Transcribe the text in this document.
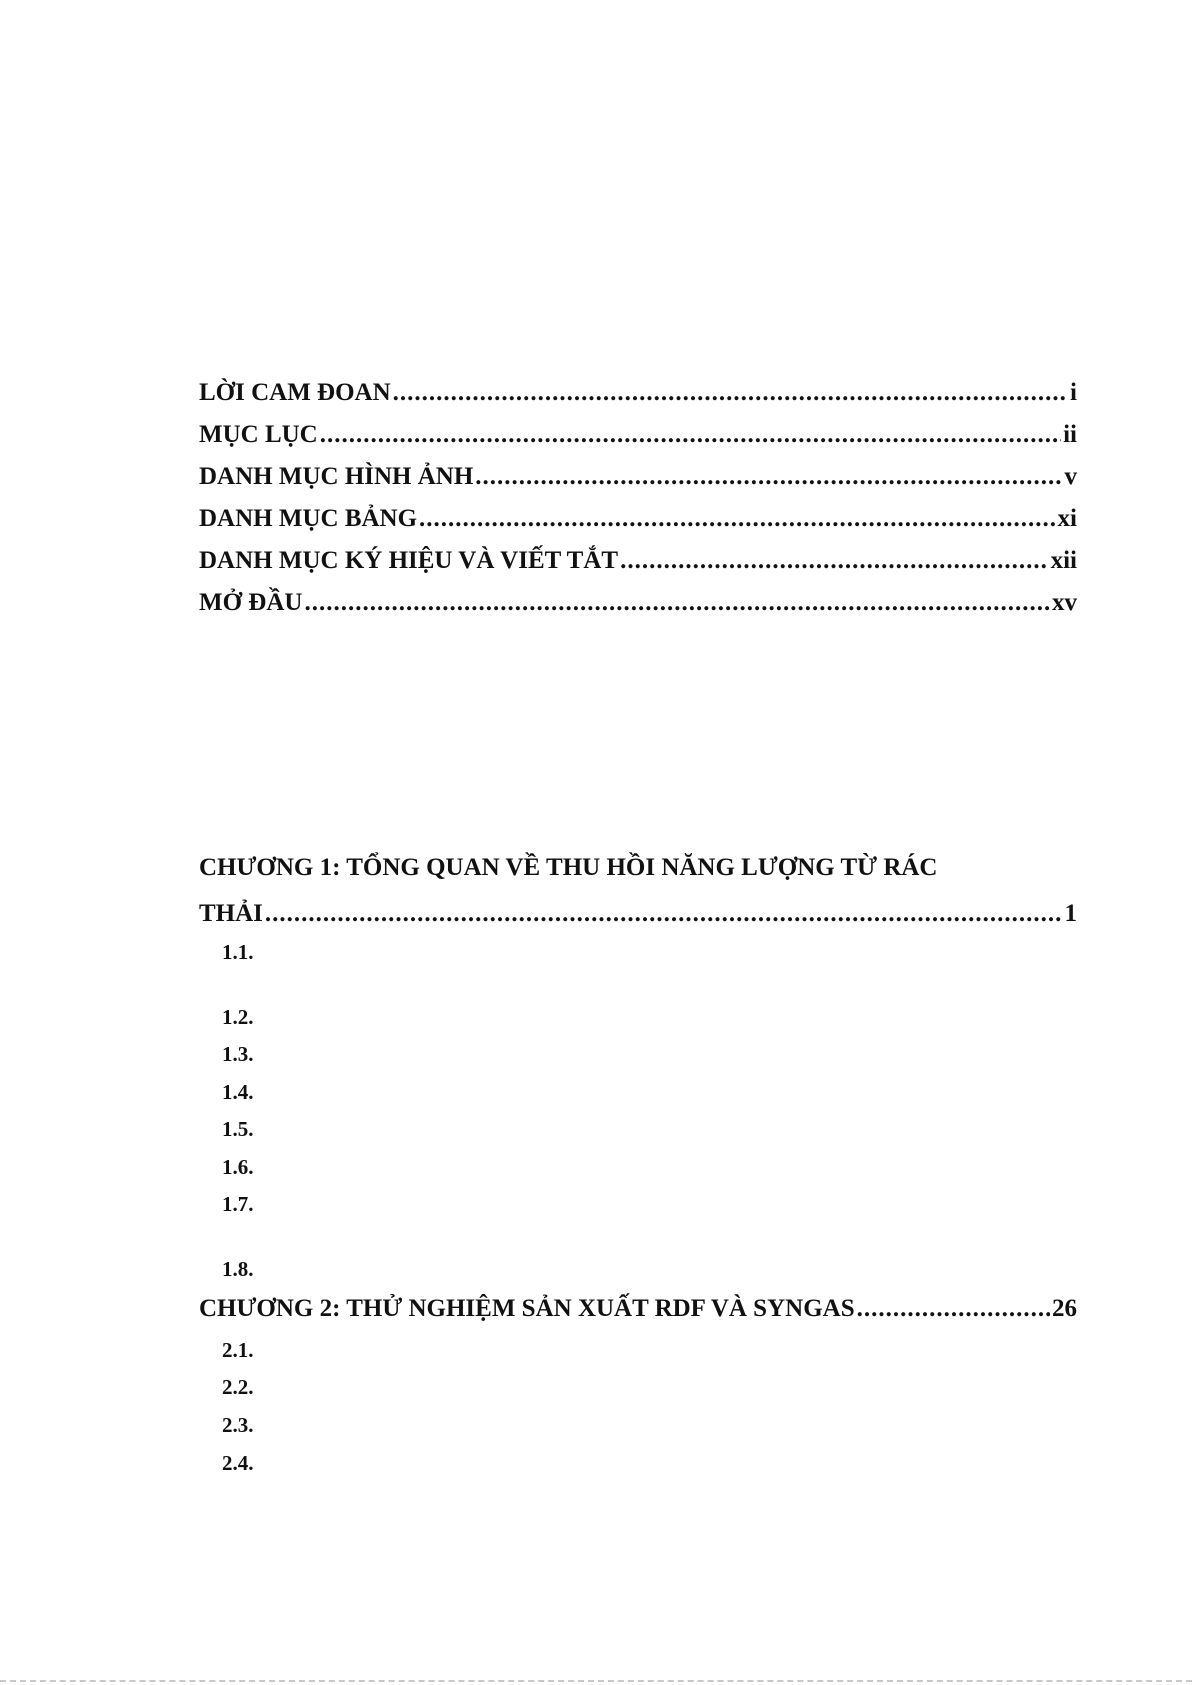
LỜI CAM ĐOAN .....	i
MỤC LỤC .....	ii
DANH MỤC HÌNH ẢNH .....	v
DANH MỤC BẢNG .....	xi
DANH MỤC KÝ HIỆU VÀ VIẾT TẮT .....	xii
MỞ ĐẦU .....	xv
CHƯƠNG 1: TỔNG QUAN VỀ THU HỒI NĂNG LƯỢNG TỪ RÁC
THẢI .....	1
1.1.
1.2.
1.3.
1.4.
1.5.
1.6.
1.7.
1.8.
CHƯƠNG 2: THỬ NGHIỆM SẢN XUẤT RDF VÀ SYNGAS .....	26
2.1.
2.2.
2.3.
2.4.
